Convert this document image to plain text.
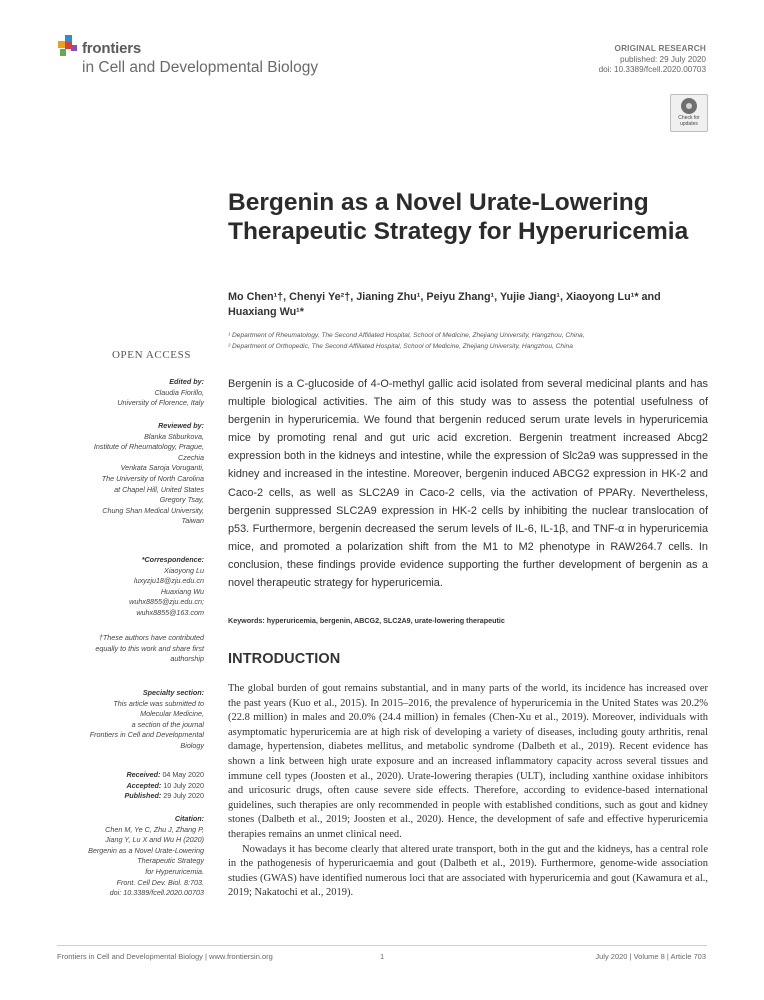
frontiers
in Cell and Developmental Biology
ORIGINAL RESEARCH
published: 29 July 2020
doi: 10.3389/fcell.2020.00703
Check for updates
Bergenin as a Novel Urate-Lowering Therapeutic Strategy for Hyperuricemia
Mo Chen¹†, Chenyi Ye²†, Jianing Zhu¹, Peiyu Zhang¹, Yujie Jiang¹, Xiaoyong Lu¹* and Huaxiang Wu¹*
¹ Department of Rheumatology, The Second Affiliated Hospital, School of Medicine, Zhejiang University, Hangzhou, China,
² Department of Orthopedic, The Second Affiliated Hospital, School of Medicine, Zhejiang University, Hangzhou, China
OPEN ACCESS
Edited by:
Claudia Fiorillo,
University of Florence, Italy
Reviewed by:
Blanka Stiburkova,
Institute of Rheumatology, Prague,
Czechia
Venkata Saroja Voruganti,
The University of North Carolina
at Chapel Hill, United States
Gregory Tsay,
Chung Shan Medical University,
Taiwan
*Correspondence:
Xiaoyong Lu
luxyzju18@zju.edu.cn
Huaxiang Wu
wuhx8855@zju.edu.cn;
wuhx8855@163.com
†These authors have contributed
equally to this work and share first
authorship
Specialty section:
This article was submitted to
Molecular Medicine,
a section of the journal
Frontiers in Cell and Developmental
Biology
Received: 04 May 2020
Accepted: 10 July 2020
Published: 29 July 2020
Citation:
Chen M, Ye C, Zhu J, Zhang P,
Jiang Y, Lu X and Wu H (2020)
Bergenin as a Novel Urate-Lowering
Therapeutic Strategy
for Hyperuricemia.
Front. Cell Dev. Biol. 8:703.
doi: 10.3389/fcell.2020.00703
Bergenin is a C-glucoside of 4-O-methyl gallic acid isolated from several medicinal plants and has multiple biological activities. The aim of this study was to assess the potential usefulness of bergenin in hyperuricemia. We found that bergenin reduced serum urate levels in hyperuricemia mice by promoting renal and gut uric acid excretion. Bergenin treatment increased Abcg2 expression both in the kidneys and intestine, while the expression of Slc2a9 was suppressed in the kidney and increased in the intestine. Moreover, bergenin induced ABCG2 expression in HK-2 and Caco-2 cells, as well as SLC2A9 in Caco-2 cells, via the activation of PPARγ. Nevertheless, bergenin suppressed SLC2A9 expression in HK-2 cells by inhibiting the nuclear translocation of p53. Furthermore, bergenin decreased the serum levels of IL-6, IL-1β, and TNF-α in hyperuricemia mice, and promoted a polarization shift from the M1 to M2 phenotype in RAW264.7 cells. In conclusion, these findings provide evidence supporting the further development of bergenin as a novel therapeutic strategy for hyperuricemia.
Keywords: hyperuricemia, bergenin, ABCG2, SLC2A9, urate-lowering therapeutic
INTRODUCTION

The global burden of gout remains substantial, and in many parts of the world, its incidence has increased over the past years (Kuo et al., 2015). In 2015–2016, the prevalence of hyperuricemia in the United States was 20.2% (22.8 million) in males and 20.0% (24.4 million) in females (Chen-Xu et al., 2019). Moreover, individuals with asymptomatic hyperuricemia are at high risk of developing a variety of diseases, including gouty arthritis, renal damage, hypertension, diabetes mellitus, and metabolic syndrome (Dalbeth et al., 2019). Recent evidence has shown a link between high urate exposure and an increased inflammatory capacity across several tissues and immune cell types (Joosten et al., 2020). Urate-lowering therapies (ULT), including xanthine oxidase inhibitors and uricosuric drugs, often cause severe side effects. Therefore, according to evidence-based international guidelines, such therapies are only recommended in people with established conditions, such as gout and kidney stones (Dalbeth et al., 2019; Joosten et al., 2020). Hence, the development of safe and effective hyperuricemia therapies remains an unmet clinical need.

Nowadays it has become clearly that altered urate transport, both in the gut and the kidneys, has a central role in the pathogenesis of hyperuricaemia and gout (Dalbeth et al., 2019). Furthermore, genome-wide association studies (GWAS) have identified numerous loci that are associated with hyperuricemia and gout (Kawamura et al., 2019; Nakatochi et al., 2019).

Frontiers in Cell and Developmental Biology | www.frontiersin.org	1	July 2020 | Volume 8 | Article 703
